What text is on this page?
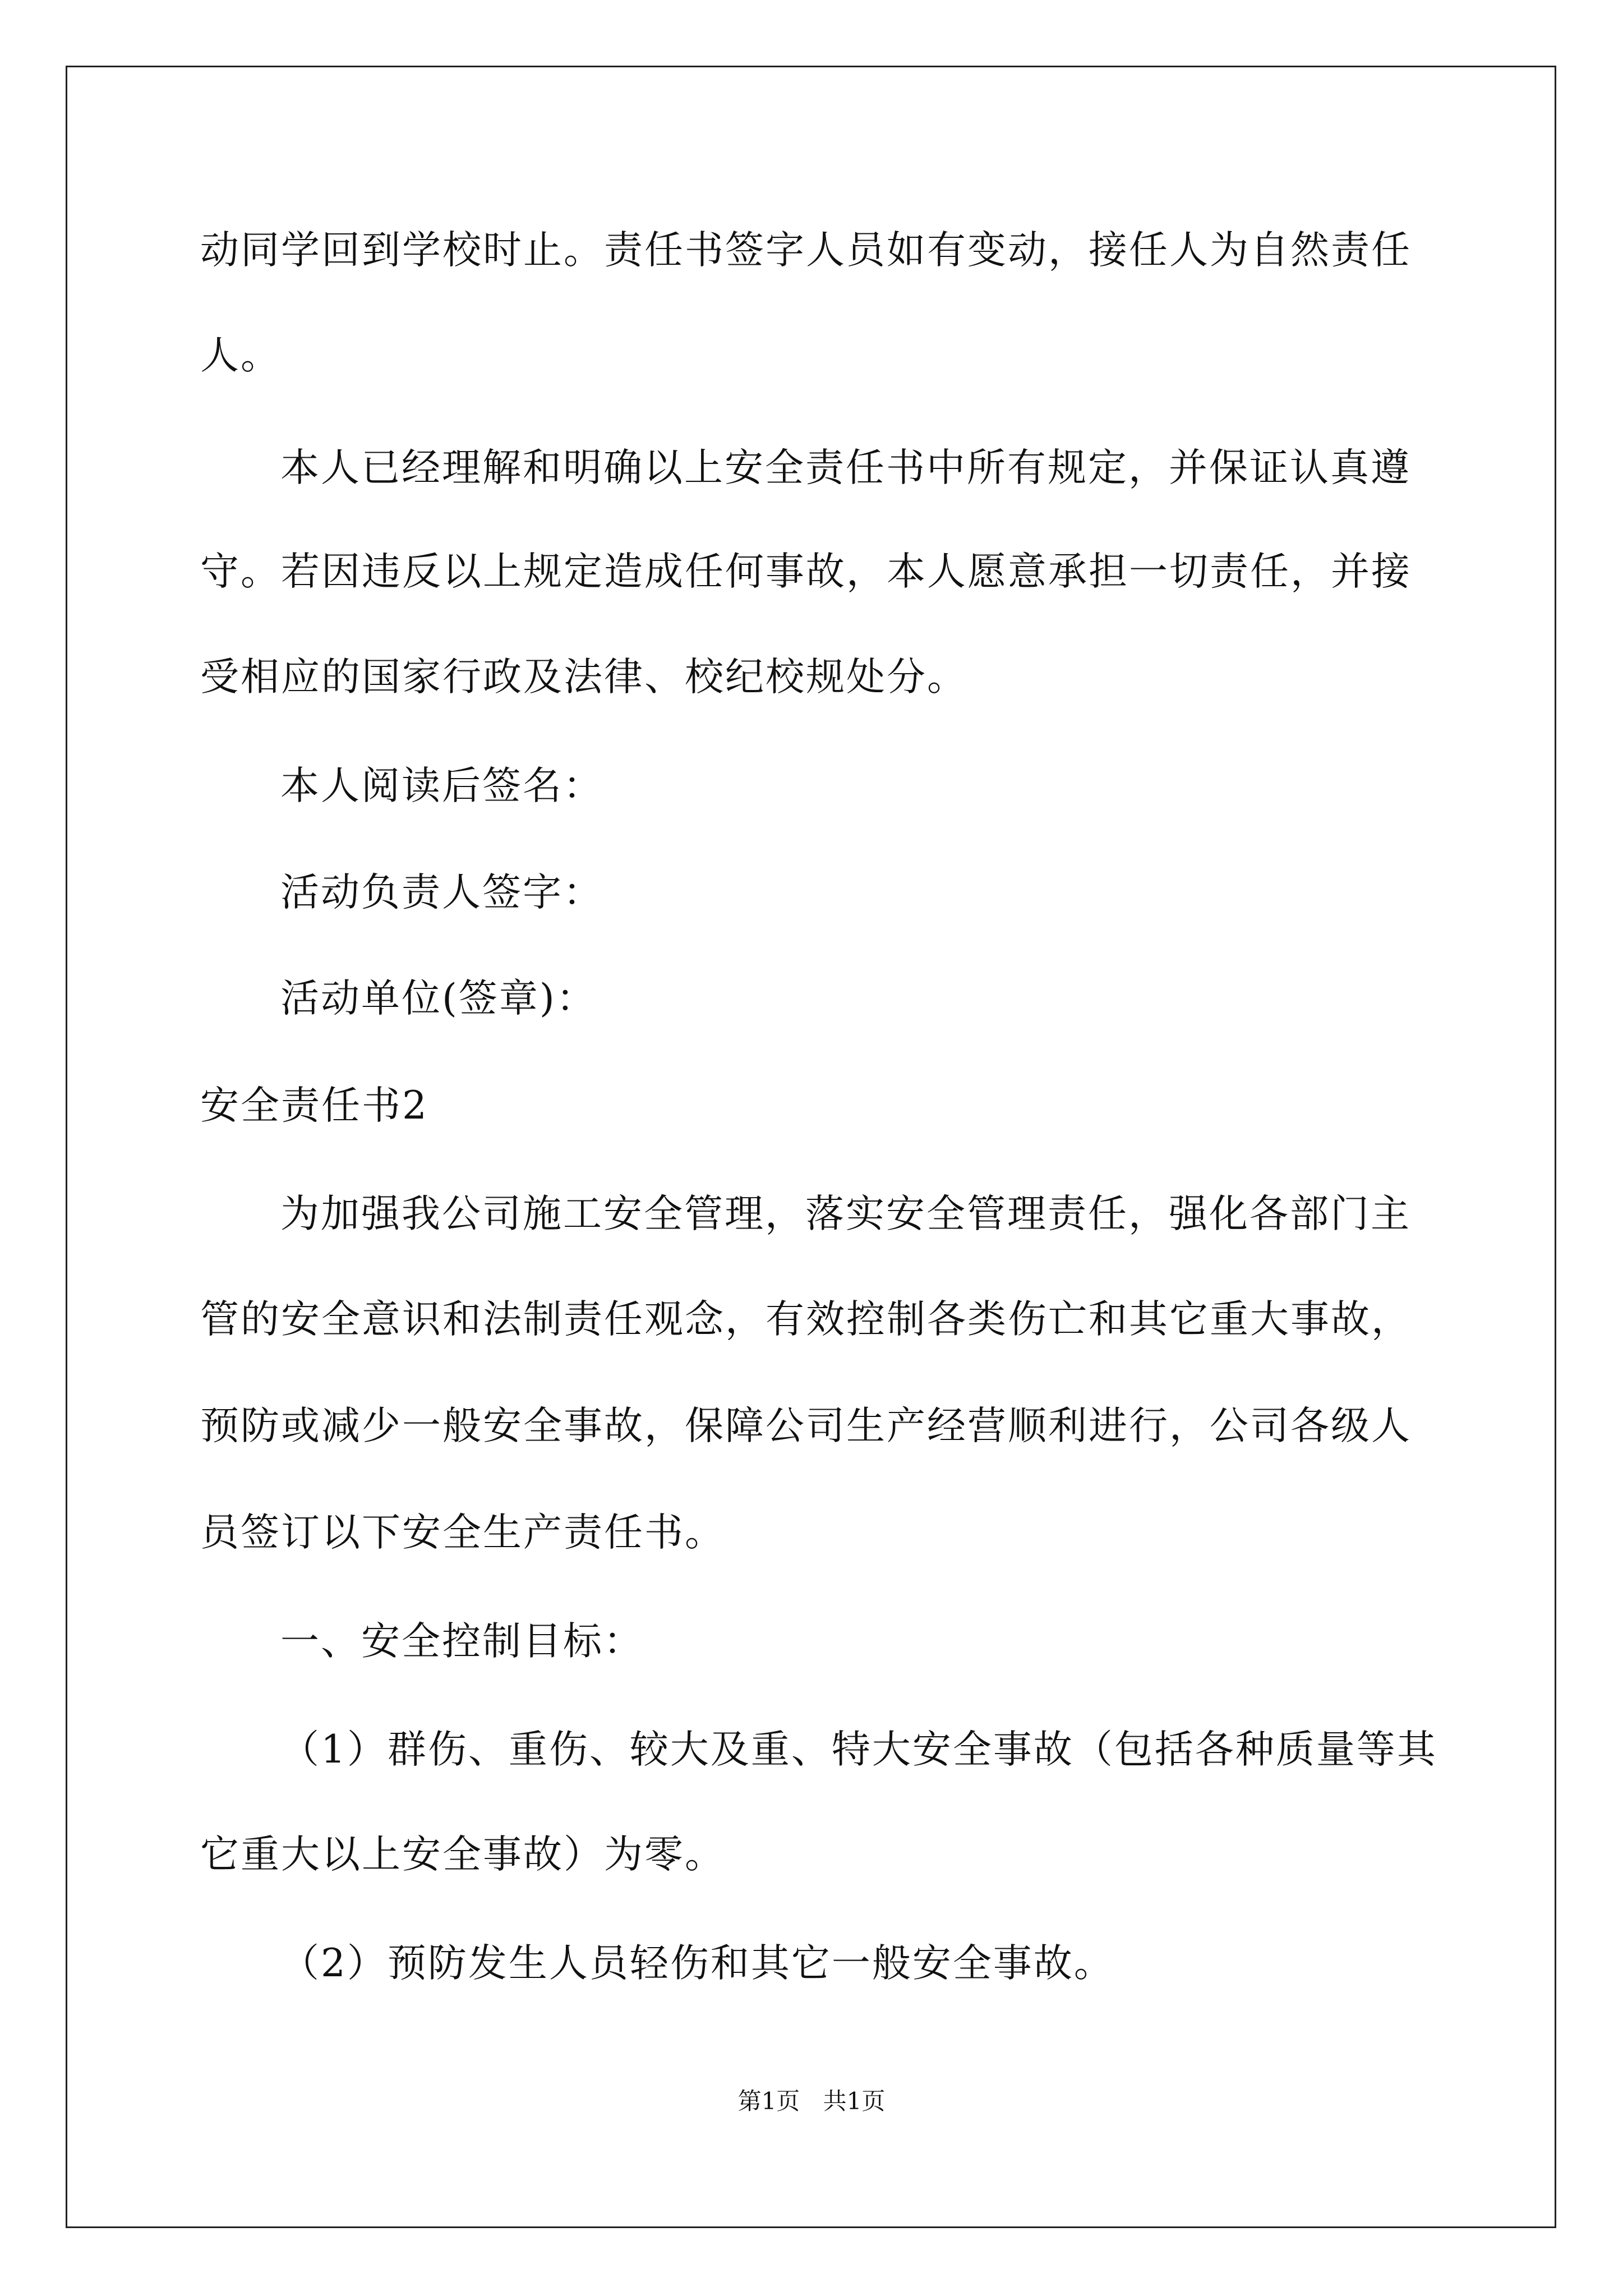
动同学回到学校时止。责任书签字人员如有变动，接任人为自然责任
人。
本人已经理解和明确以上安全责任书中所有规定，并保证认真遵
守。若因违反以上规定造成任何事故，本人愿意承担一切责任，并接
受相应的国家行政及法律、校纪校规处分。
本人阅读后签名：
活动负责人签字：
活动单位(签章)：
安全责任书2
为加强我公司施工安全管理，落实安全管理责任，强化各部门主
管的安全意识和法制责任观念，有效控制各类伤亡和其它重大事故，
预防或减少一般安全事故，保障公司生产经营顺利进行，公司各级人
员签订以下安全生产责任书。
一、安全控制目标：
（1）群伤、重伤、较大及重、特大安全事故（包括各种质量等其
它重大以上安全事故）为零。
（2）预防发生人员轻伤和其它一般安全事故。
第1页 共1页
